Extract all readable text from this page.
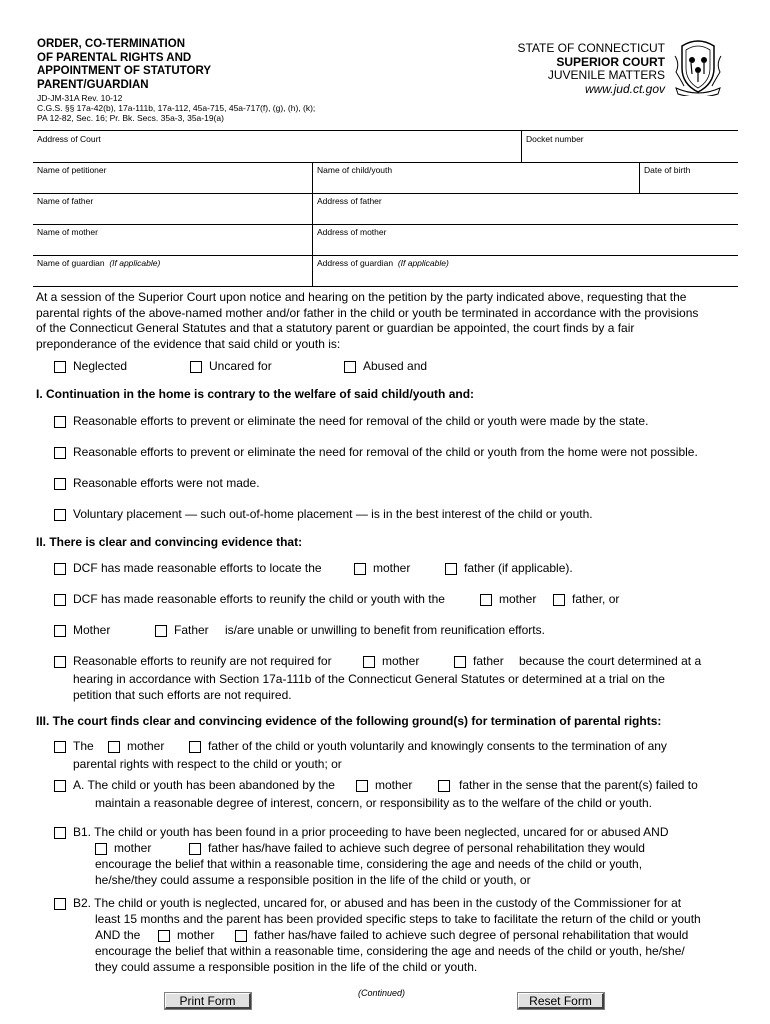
ORDER, CO-TERMINATION
OF PARENTAL RIGHTS AND
APPOINTMENT OF STATUTORY
PARENT/GUARDIAN
JD-JM-31A Rev. 10-12
C.G.S. §§ 17a-42(b), 17a-111b, 17a-112, 45a-715, 45a-717(f), (g), (h), (k);
PA 12-82, Sec. 16; Pr. Bk. Secs. 35a-3, 35a-19(a)
STATE OF CONNECTICUT
SUPERIOR COURT
JUVENILE MATTERS
www.jud.ct.gov
Address of Court	Docket number
Name of petitioner	Name of child/youth	Date of birth
Name of father	Address of father
Name of mother	Address of mother
Name of guardian (If applicable)	Address of guardian (If applicable)
At a session of the Superior Court upon notice and hearing on the petition by the party indicated above, requesting that the
parental rights of the above-named mother and/or father in the child or youth be terminated in accordance with the provisions
of the Connecticut General Statutes and that a statutory parent or guardian be appointed, the court finds by a fair
preponderance of the evidence that said child or youth is:
Neglected	Uncared for	Abused and
I. Continuation in the home is contrary to the welfare of said child/youth and:
Reasonable efforts to prevent or eliminate the need for removal of the child or youth were made by the state.
Reasonable efforts to prevent or eliminate the need for removal of the child or youth from the home were not possible.
Reasonable efforts were not made.
Voluntary placement — such out-of-home placement — is in the best interest of the child or youth.
II. There is clear and convincing evidence that:
DCF has made reasonable efforts to locate the	mother	father (if applicable).
DCF has made reasonable efforts to reunify the child or youth with the	mother	father, or
Mother	Father is/are unable or unwilling to benefit from reunification efforts.
Reasonable efforts to reunify are not required for	mother	father because the court determined at a
hearing in accordance with Section 17a-111b of the Connecticut General Statutes or determined at a trial on the
petition that such efforts are not required.
III. The court finds clear and convincing evidence of the following ground(s) for termination of parental rights:
The	mother	father of the child or youth voluntarily and knowingly consents to the termination of any
parental rights with respect to the child or youth; or
A. The child or youth has been abandoned by the	mother	father in the sense that the parent(s) failed to
maintain a reasonable degree of interest, concern, or responsibility as to the welfare of the child or youth.
B1. The child or youth has been found in a prior proceeding to have been neglected, uncared for or abused AND
mother	father has/have failed to achieve such degree of personal rehabilitation they would
encourage the belief that within a reasonable time, considering the age and needs of the child or youth,
he/she/they could assume a responsible position in the life of the child or youth, or
B2. The child or youth is neglected, uncared for, or abused and has been in the custody of the Commissioner for at
least 15 months and the parent has been provided specific steps to take to facilitate the return of the child or youth
AND the	mother	father has/have failed to achieve such degree of personal rehabilitation that would
encourage the belief that within a reasonable time, considering the age and needs of the child or youth, he/she/
they could assume a responsible position in the life of the child or youth.
(Continued)
Print Form	Reset Form
